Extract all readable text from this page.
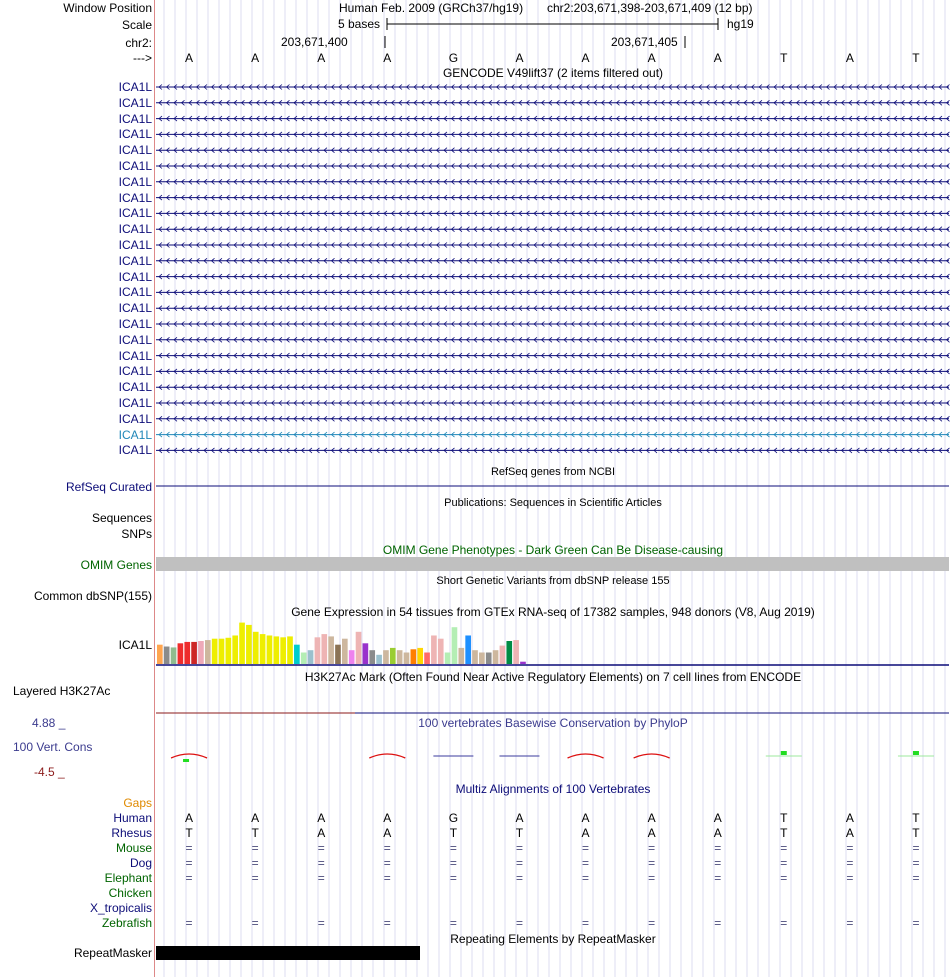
Window Position	Human Feb. 2009 (GRCh37/hg19) chr2:203,671,398-203,671,409 (12 bp)
Scale	5 bases	hg19
chr2:	203,671,400	203,671,405
--->	A	A	A	A	G	A	A	A	A	T	A	T
GENCODE V49lift37 (2 items filtered out)
ICA1L
ICA1L
ICA1L
ICA1L
ICA1L
ICA1L
ICA1L
ICA1L
ICA1L
ICA1L
ICA1L
ICA1L
ICA1L
ICA1L
ICA1L
ICA1L
ICA1L
ICA1L
ICA1L
ICA1L
ICA1L
ICA1L
ICA1L
ICA1L
RefSeq genes from NCBI
RefSeq Curated
Publications: Sequences in Scientific Articles
Sequences
SNPs
OMIM Gene Phenotypes - Dark Green Can Be Disease-causing
OMIM Genes
Short Genetic Variants from dbSNP release 155
Common dbSNP(155)
Gene Expression in 54 tissues from GTEx RNA-seq of 17382 samples, 948 donors (V8, Aug 2019)
ICA1L
H3K27Ac Mark (Often Found Near Active Regulatory Elements) on 7 cell lines from ENCODE
Layered H3K27Ac
4.88 _	100 vertebrates Basewise Conservation by PhyloP
100 Vert. Cons
-4.5 _
Multiz Alignments of 100 Vertebrates
Gaps
Human	A	A	A	A	G	A	A	A	A	T	A	T
Rhesus	T	T	A	A	T	T	A	A	A	T	A	T
Mouse	=	=	=	=	=	=	=	=	=	=	=	=
Dog	=	=	=	=	=	=	=	=	=	=	=	=
Elephant	=	=	=	=	=	=	=	=	=	=	=	=
Chicken
X_tropicalis
Zebrafish	=	=	=	=	=	=	=	=	=	=	=	=
Repeating Elements by RepeatMasker
RepeatMasker
